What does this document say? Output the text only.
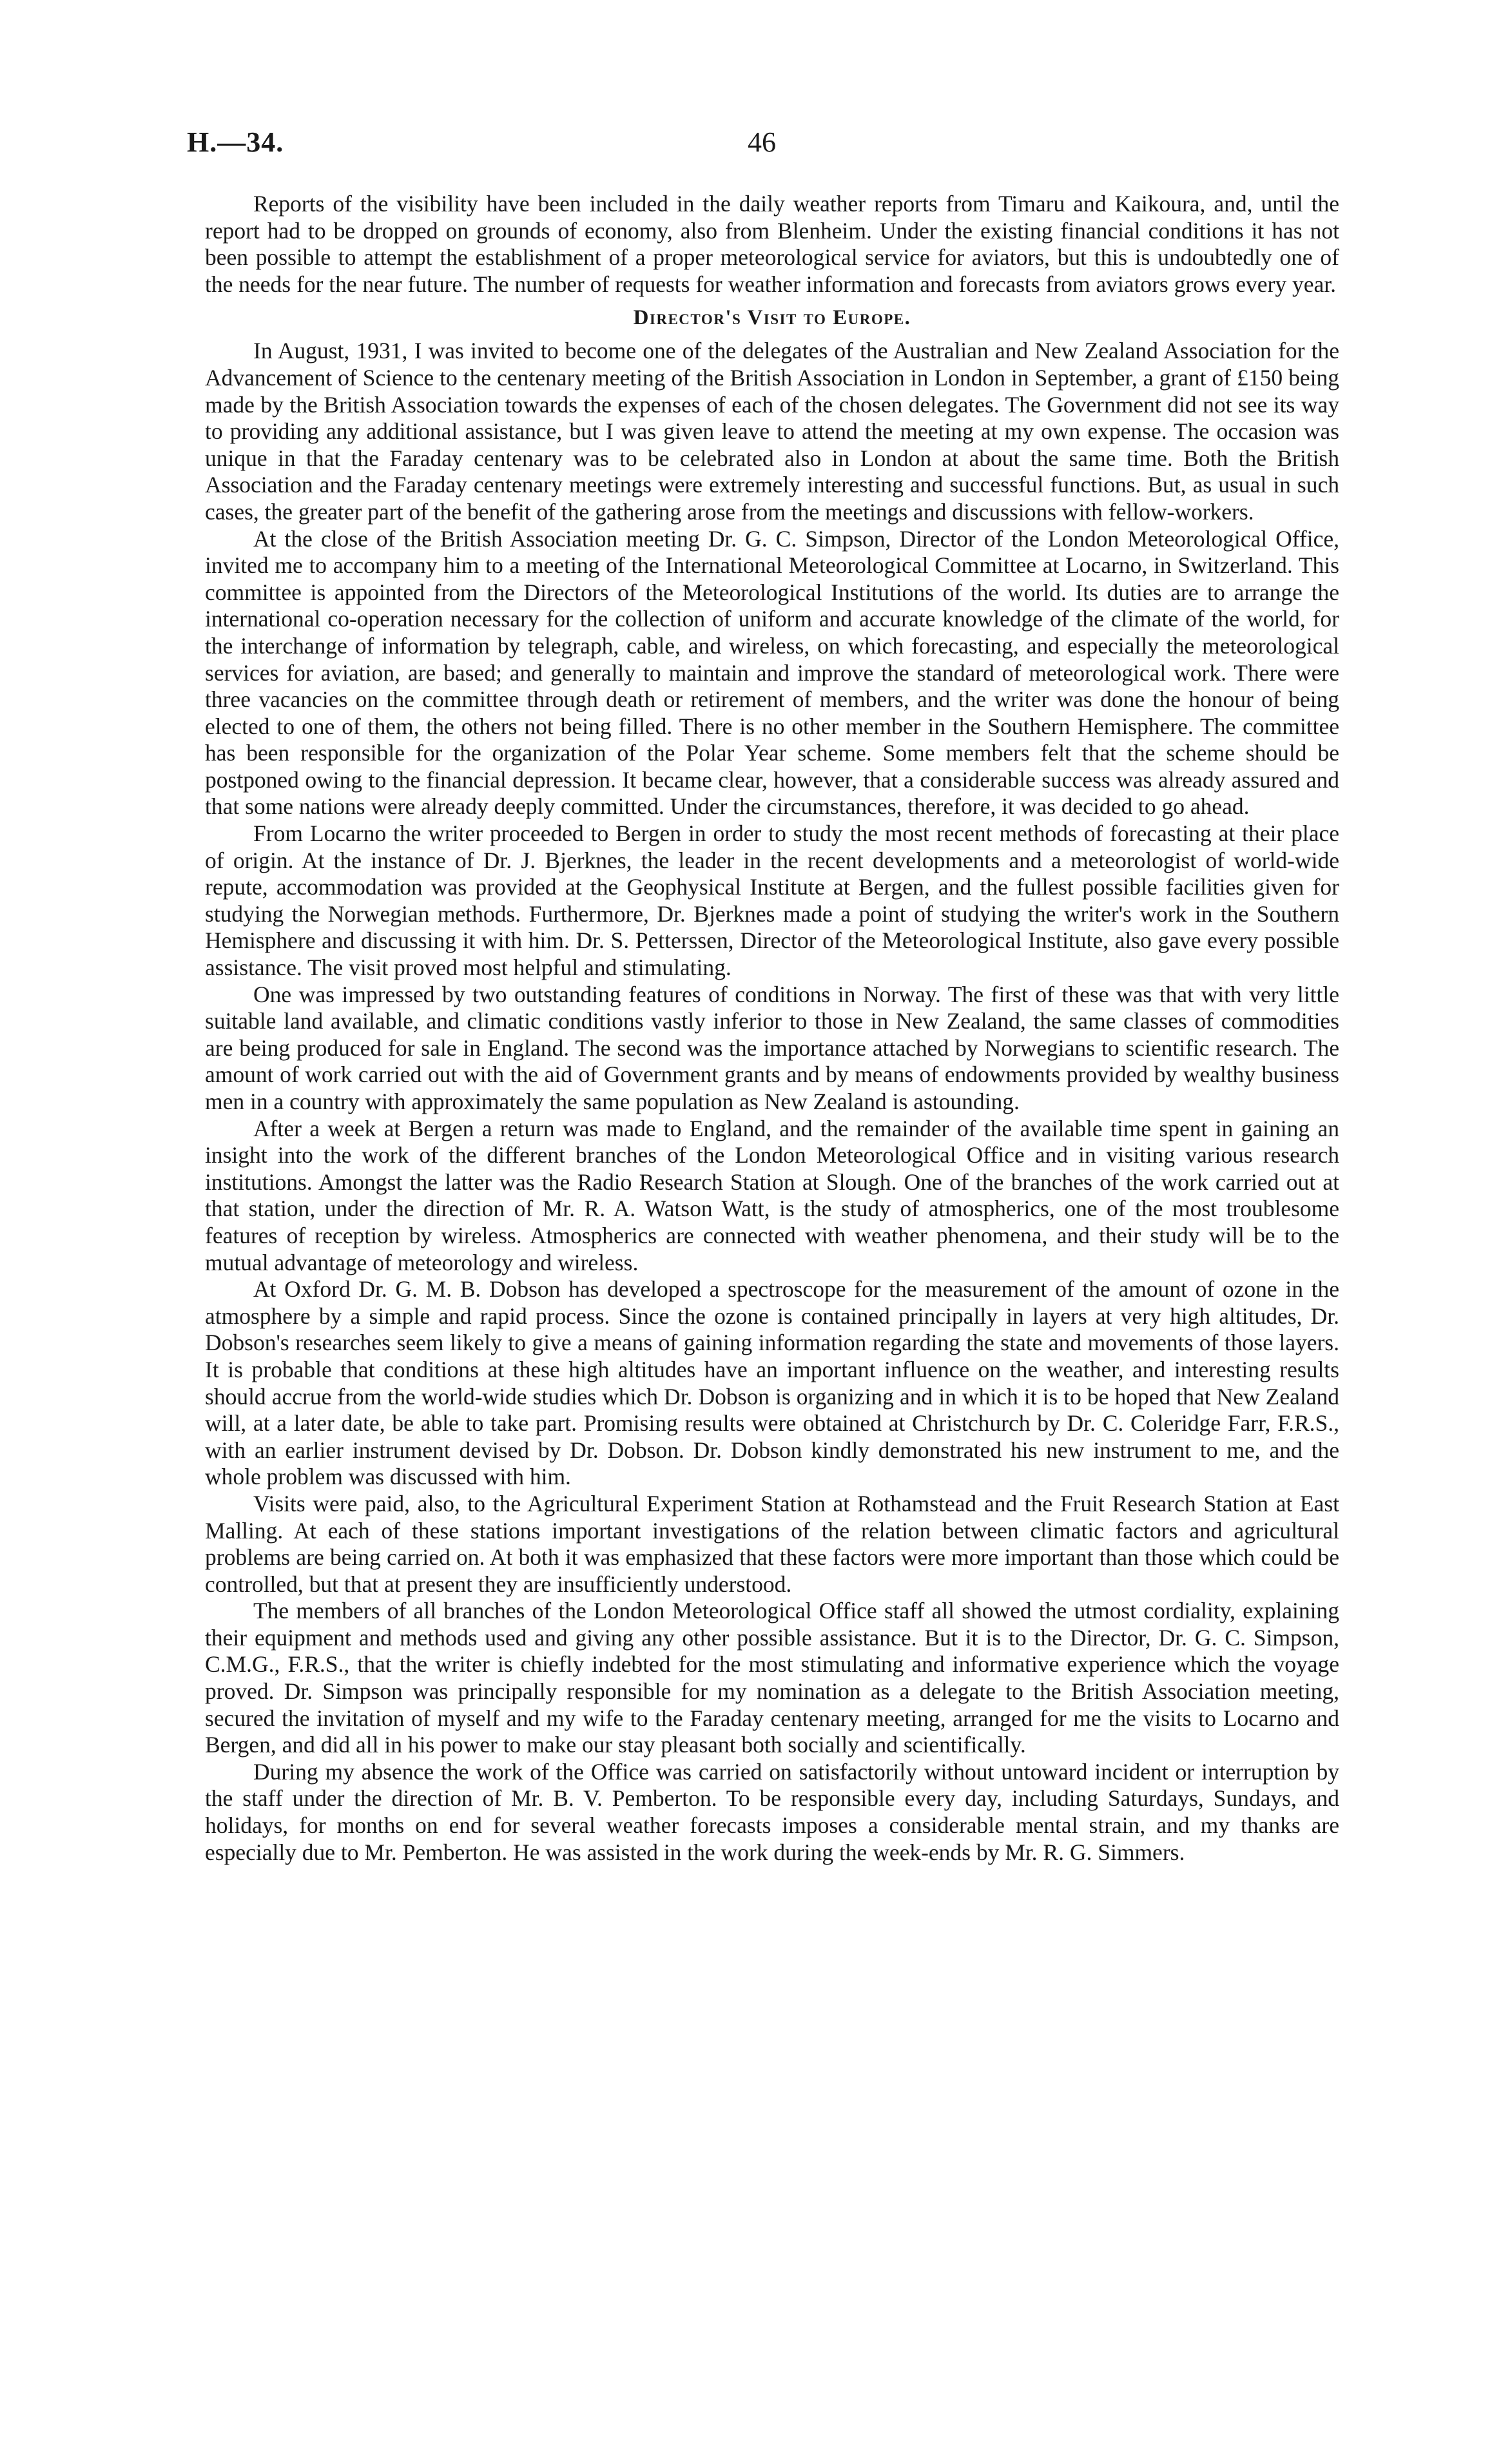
H.—34.	46

Reports of the visibility have been included in the daily weather reports from Timaru and Kaikoura, and, until the report had to be dropped on grounds of economy, also from Blenheim. Under the existing financial conditions it has not been possible to attempt the establishment of a proper meteorological service for aviators, but this is undoubtedly one of the needs for the near future. The number of requests for weather information and forecasts from aviators grows every year.

Director's Visit to Europe.

In August, 1931, I was invited to become one of the delegates of the Australian and New Zealand Association for the Advancement of Science to the centenary meeting of the British Association in London in September, a grant of £150 being made by the British Association towards the expenses of each of the chosen delegates. The Government did not see its way to providing any additional assistance, but I was given leave to attend the meeting at my own expense. The occasion was unique in that the Faraday centenary was to be celebrated also in London at about the same time. Both the British Association and the Faraday centenary meetings were extremely interesting and successful functions. But, as usual in such cases, the greater part of the benefit of the gathering arose from the meetings and discussions with fellow-workers.

At the close of the British Association meeting Dr. G. C. Simpson, Director of the London Meteorological Office, invited me to accompany him to a meeting of the International Meteorological Committee at Locarno, in Switzerland. This committee is appointed from the Directors of the Meteorological Institutions of the world. Its duties are to arrange the international co-operation necessary for the collection of uniform and accurate knowledge of the climate of the world, for the interchange of information by telegraph, cable, and wireless, on which forecasting, and especially the meteorological services for aviation, are based; and generally to maintain and improve the standard of meteorological work. There were three vacancies on the committee through death or retirement of members, and the writer was done the honour of being elected to one of them, the others not being filled. There is no other member in the Southern Hemisphere. The committee has been responsible for the organization of the Polar Year scheme. Some members felt that the scheme should be postponed owing to the financial depression. It became clear, however, that a considerable success was already assured and that some nations were already deeply committed. Under the circumstances, therefore, it was decided to go ahead.

From Locarno the writer proceeded to Bergen in order to study the most recent methods of forecasting at their place of origin. At the instance of Dr. J. Bjerknes, the leader in the recent developments and a meteorologist of world-wide repute, accommodation was provided at the Geophysical Institute at Bergen, and the fullest possible facilities given for studying the Norwegian methods. Furthermore, Dr. Bjerknes made a point of studying the writer's work in the Southern Hemisphere and discussing it with him. Dr. S. Petterssen, Director of the Meteorological Institute, also gave every possible assistance. The visit proved most helpful and stimulating.

One was impressed by two outstanding features of conditions in Norway. The first of these was that with very little suitable land available, and climatic conditions vastly inferior to those in New Zealand, the same classes of commodities are being produced for sale in England. The second was the importance attached by Norwegians to scientific research. The amount of work carried out with the aid of Government grants and by means of endowments provided by wealthy business men in a country with approximately the same population as New Zealand is astounding.

After a week at Bergen a return was made to England, and the remainder of the available time spent in gaining an insight into the work of the different branches of the London Meteorological Office and in visiting various research institutions. Amongst the latter was the Radio Research Station at Slough. One of the branches of the work carried out at that station, under the direction of Mr. R. A. Watson Watt, is the study of atmospherics, one of the most troublesome features of reception by wireless. Atmospherics are connected with weather phenomena, and their study will be to the mutual advantage of meteorology and wireless.

At Oxford Dr. G. M. B. Dobson has developed a spectroscope for the measurement of the amount of ozone in the atmosphere by a simple and rapid process. Since the ozone is contained principally in layers at very high altitudes, Dr. Dobson's researches seem likely to give a means of gaining information regarding the state and movements of those layers. It is probable that conditions at these high altitudes have an important influence on the weather, and interesting results should accrue from the world-wide studies which Dr. Dobson is organizing and in which it is to be hoped that New Zealand will, at a later date, be able to take part. Promising results were obtained at Christchurch by Dr. C. Coleridge Farr, F.R.S., with an earlier instrument devised by Dr. Dobson. Dr. Dobson kindly demonstrated his new instrument to me, and the whole problem was discussed with him.

Visits were paid, also, to the Agricultural Experiment Station at Rothamstead and the Fruit Research Station at East Malling. At each of these stations important investigations of the relation between climatic factors and agricultural problems are being carried on. At both it was emphasized that these factors were more important than those which could be controlled, but that at present they are insufficiently understood.

The members of all branches of the London Meteorological Office staff all showed the utmost cordiality, explaining their equipment and methods used and giving any other possible assistance. But it is to the Director, Dr. G. C. Simpson, C.M.G., F.R.S., that the writer is chiefly indebted for the most stimulating and informative experience which the voyage proved. Dr. Simpson was principally responsible for my nomination as a delegate to the British Association meeting, secured the invitation of myself and my wife to the Faraday centenary meeting, arranged for me the visits to Locarno and Bergen, and did all in his power to make our stay pleasant both socially and scientifically.

During my absence the work of the Office was carried on satisfactorily without untoward incident or interruption by the staff under the direction of Mr. B. V. Pemberton. To be responsible every day, including Saturdays, Sundays, and holidays, for months on end for several weather forecasts imposes a considerable mental strain, and my thanks are especially due to Mr. Pemberton. He was assisted in the work during the week-ends by Mr. R. G. Simmers.
